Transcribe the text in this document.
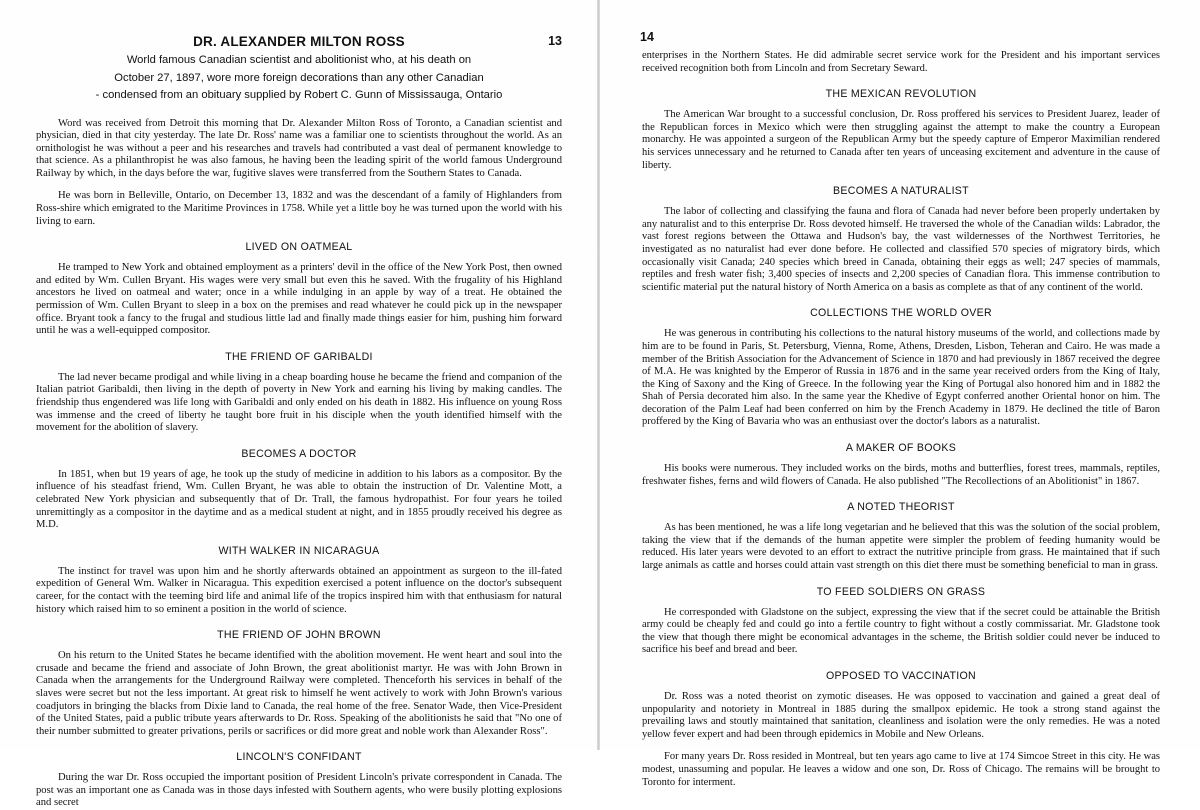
13
DR. ALEXANDER MILTON ROSS
World famous Canadian scientist and abolitionist who, at his death on
October 27, 1897, wore more foreign decorations than any other Canadian
- condensed from an obituary supplied by Robert C. Gunn of Mississauga, Ontario

Word was received from Detroit this morning that Dr. Alexander Milton Ross of Toronto, a Canadian scientist and physician, died in that city yesterday. The late Dr. Ross' name was a familiar one to scientists throughout the world. As an ornithologist he was without a peer and his researches and travels had contributed a vast deal of permanent knowledge to that science. As a philanthropist he was also famous, he having been the leading spirit of the world famous Underground Railway by which, in the days before the war, fugitive slaves were transferred from the Southern States to Canada.

He was born in Belleville, Ontario, on December 13, 1832 and was the descendant of a family of Highlanders from Ross-shire which emigrated to the Maritime Provinces in 1758. While yet a little boy he was turned upon the world with his living to earn.

LIVED ON OATMEAL

He tramped to New York and obtained employment as a printers' devil in the office of the New York Post, then owned and edited by Wm. Cullen Bryant. His wages were very small but even this he saved. With the frugality of his Highland ancestors he lived on oatmeal and water; once in a while indulging in an apple by way of a treat. He obtained the permission of Wm. Cullen Bryant to sleep in a box on the premises and read whatever he could pick up in the newspaper office. Bryant took a fancy to the frugal and studious little lad and finally made things easier for him, pushing him forward until he was a well-equipped compositor.

THE FRIEND OF GARIBALDI

The lad never became prodigal and while living in a cheap boarding house he became the friend and companion of the Italian patriot Garibaldi, then living in the depth of poverty in New York and earning his living by making candles. The friendship thus engendered was life long with Garibaldi and only ended on his death in 1882. His influence on young Ross was immense and the creed of liberty he taught bore fruit in his disciple when the youth identified himself with the movement for the abolition of slavery.

BECOMES A DOCTOR

In 1851, when but 19 years of age, he took up the study of medicine in addition to his labors as a compositor. By the influence of his steadfast friend, Wm. Cullen Bryant, he was able to obtain the instruction of Dr. Valentine Mott, a celebrated New York physician and subsequently that of Dr. Trall, the famous hydropathist. For four years he toiled unremittingly as a compositor in the daytime and as a medical student at night, and in 1855 proudly received his degree as M.D.

WITH WALKER IN NICARAGUA

The instinct for travel was upon him and he shortly afterwards obtained an appointment as surgeon to the ill-fated expedition of General Wm. Walker in Nicaragua. This expedition exercised a potent influence on the doctor's subsequent career, for the contact with the teeming bird life and animal life of the tropics inspired him with that enthusiasm for natural history which raised him to so eminent a position in the world of science.

THE FRIEND OF JOHN BROWN

On his return to the United States he became identified with the abolition movement. He went heart and soul into the crusade and became the friend and associate of John Brown, the great abolitionist martyr. He was with John Brown in Canada when the arrangements for the Underground Railway were completed. Thenceforth his services in behalf of the slaves were secret but not the less important. At great risk to himself he went actively to work with John Brown's various coadjutors in bringing the blacks from Dixie land to Canada, the real home of the free. Senator Wade, then Vice-President of the United States, paid a public tribute years afterwards to Dr. Ross. Speaking of the abolitionists he said that "No one of their number submitted to greater privations, perils or sacrifices or did more great and noble work than Alexander Ross".

LINCOLN'S CONFIDANT

During the war Dr. Ross occupied the important position of President Lincoln's private correspondent in Canada. The post was an important one as Canada was in those days infested with Southern agents, who were busily plotting explosions and secret

14

enterprises in the Northern States. He did admirable secret service work for the President and his important services received recognition both from Lincoln and from Secretary Seward.

THE MEXICAN REVOLUTION

The American War brought to a successful conclusion, Dr. Ross proffered his services to President Juarez, leader of the Republican forces in Mexico which were then struggling against the attempt to make the country a European monarchy. He was appointed a surgeon of the Republican Army but the speedy capture of Emperor Maximilian rendered his services unnecessary and he returned to Canada after ten years of unceasing excitement and adventure in the cause of liberty.

BECOMES A NATURALIST

The labor of collecting and classifying the fauna and flora of Canada had never before been properly undertaken by any naturalist and to this enterprise Dr. Ross devoted himself. He traversed the whole of the Canadian wilds: Labrador, the vast forest regions between the Ottawa and Hudson's bay, the vast wildernesses of the Northwest Territories, he investigated as no naturalist had ever done before. He collected and classified 570 species of migratory birds, which occasionally visit Canada; 240 species which breed in Canada, obtaining their eggs as well; 247 species of mammals, reptiles and fresh water fish; 3,400 species of insects and 2,200 species of Canadian flora. This immense contribution to scientific material put the natural history of North America on a basis as complete as that of any continent of the world.

COLLECTIONS THE WORLD OVER

He was generous in contributing his collections to the natural history museums of the world, and collections made by him are to be found in Paris, St. Petersburg, Vienna, Rome, Athens, Dresden, Lisbon, Teheran and Cairo. He was made a member of the British Association for the Advancement of Science in 1870 and had previously in 1867 received the degree of M.A. He was knighted by the Emperor of Russia in 1876 and in the same year received orders from the King of Italy, the King of Saxony and the King of Greece. In the following year the King of Portugal also honored him and in 1882 the Shah of Persia decorated him also. In the same year the Khedive of Egypt conferred another Oriental honor on him. The decoration of the Palm Leaf had been conferred on him by the French Academy in 1879. He declined the title of Baron proffered by the King of Bavaria who was an enthusiast over the doctor's labors as a naturalist.

A MAKER OF BOOKS

His books were numerous. They included works on the birds, moths and butterflies, forest trees, mammals, reptiles, freshwater fishes, ferns and wild flowers of Canada. He also published "The Recollections of an Abolitionist" in 1867.

A NOTED THEORIST

As has been mentioned, he was a life long vegetarian and he believed that this was the solution of the social problem, taking the view that if the demands of the human appetite were simpler the problem of feeding humanity would be reduced. His later years were devoted to an effort to extract the nutritive principle from grass. He maintained that if such large animals as cattle and horses could attain vast strength on this diet there must be something beneficial to man in grass.

TO FEED SOLDIERS ON GRASS

He corresponded with Gladstone on the subject, expressing the view that if the secret could be attainable the British army could be cheaply fed and could go into a fertile country to fight without a costly commissariat. Mr. Gladstone took the view that though there might be economical advantages in the scheme, the British soldier could never be induced to sacrifice his beef and bread and beer.

OPPOSED TO VACCINATION

Dr. Ross was a noted theorist on zymotic diseases. He was opposed to vaccination and gained a great deal of unpopularity and notoriety in Montreal in 1885 during the smallpox epidemic. He took a strong stand against the prevailing laws and stoutly maintained that sanitation, cleanliness and isolation were the only remedies. He was a noted yellow fever expert and had been through epidemics in Mobile and New Orleans.

For many years Dr. Ross resided in Montreal, but ten years ago came to live at 174 Simcoe Street in this city. He was modest, unassuming and popular. He leaves a widow and one son, Dr. Ross of Chicago. The remains will be brought to Toronto for interment.
